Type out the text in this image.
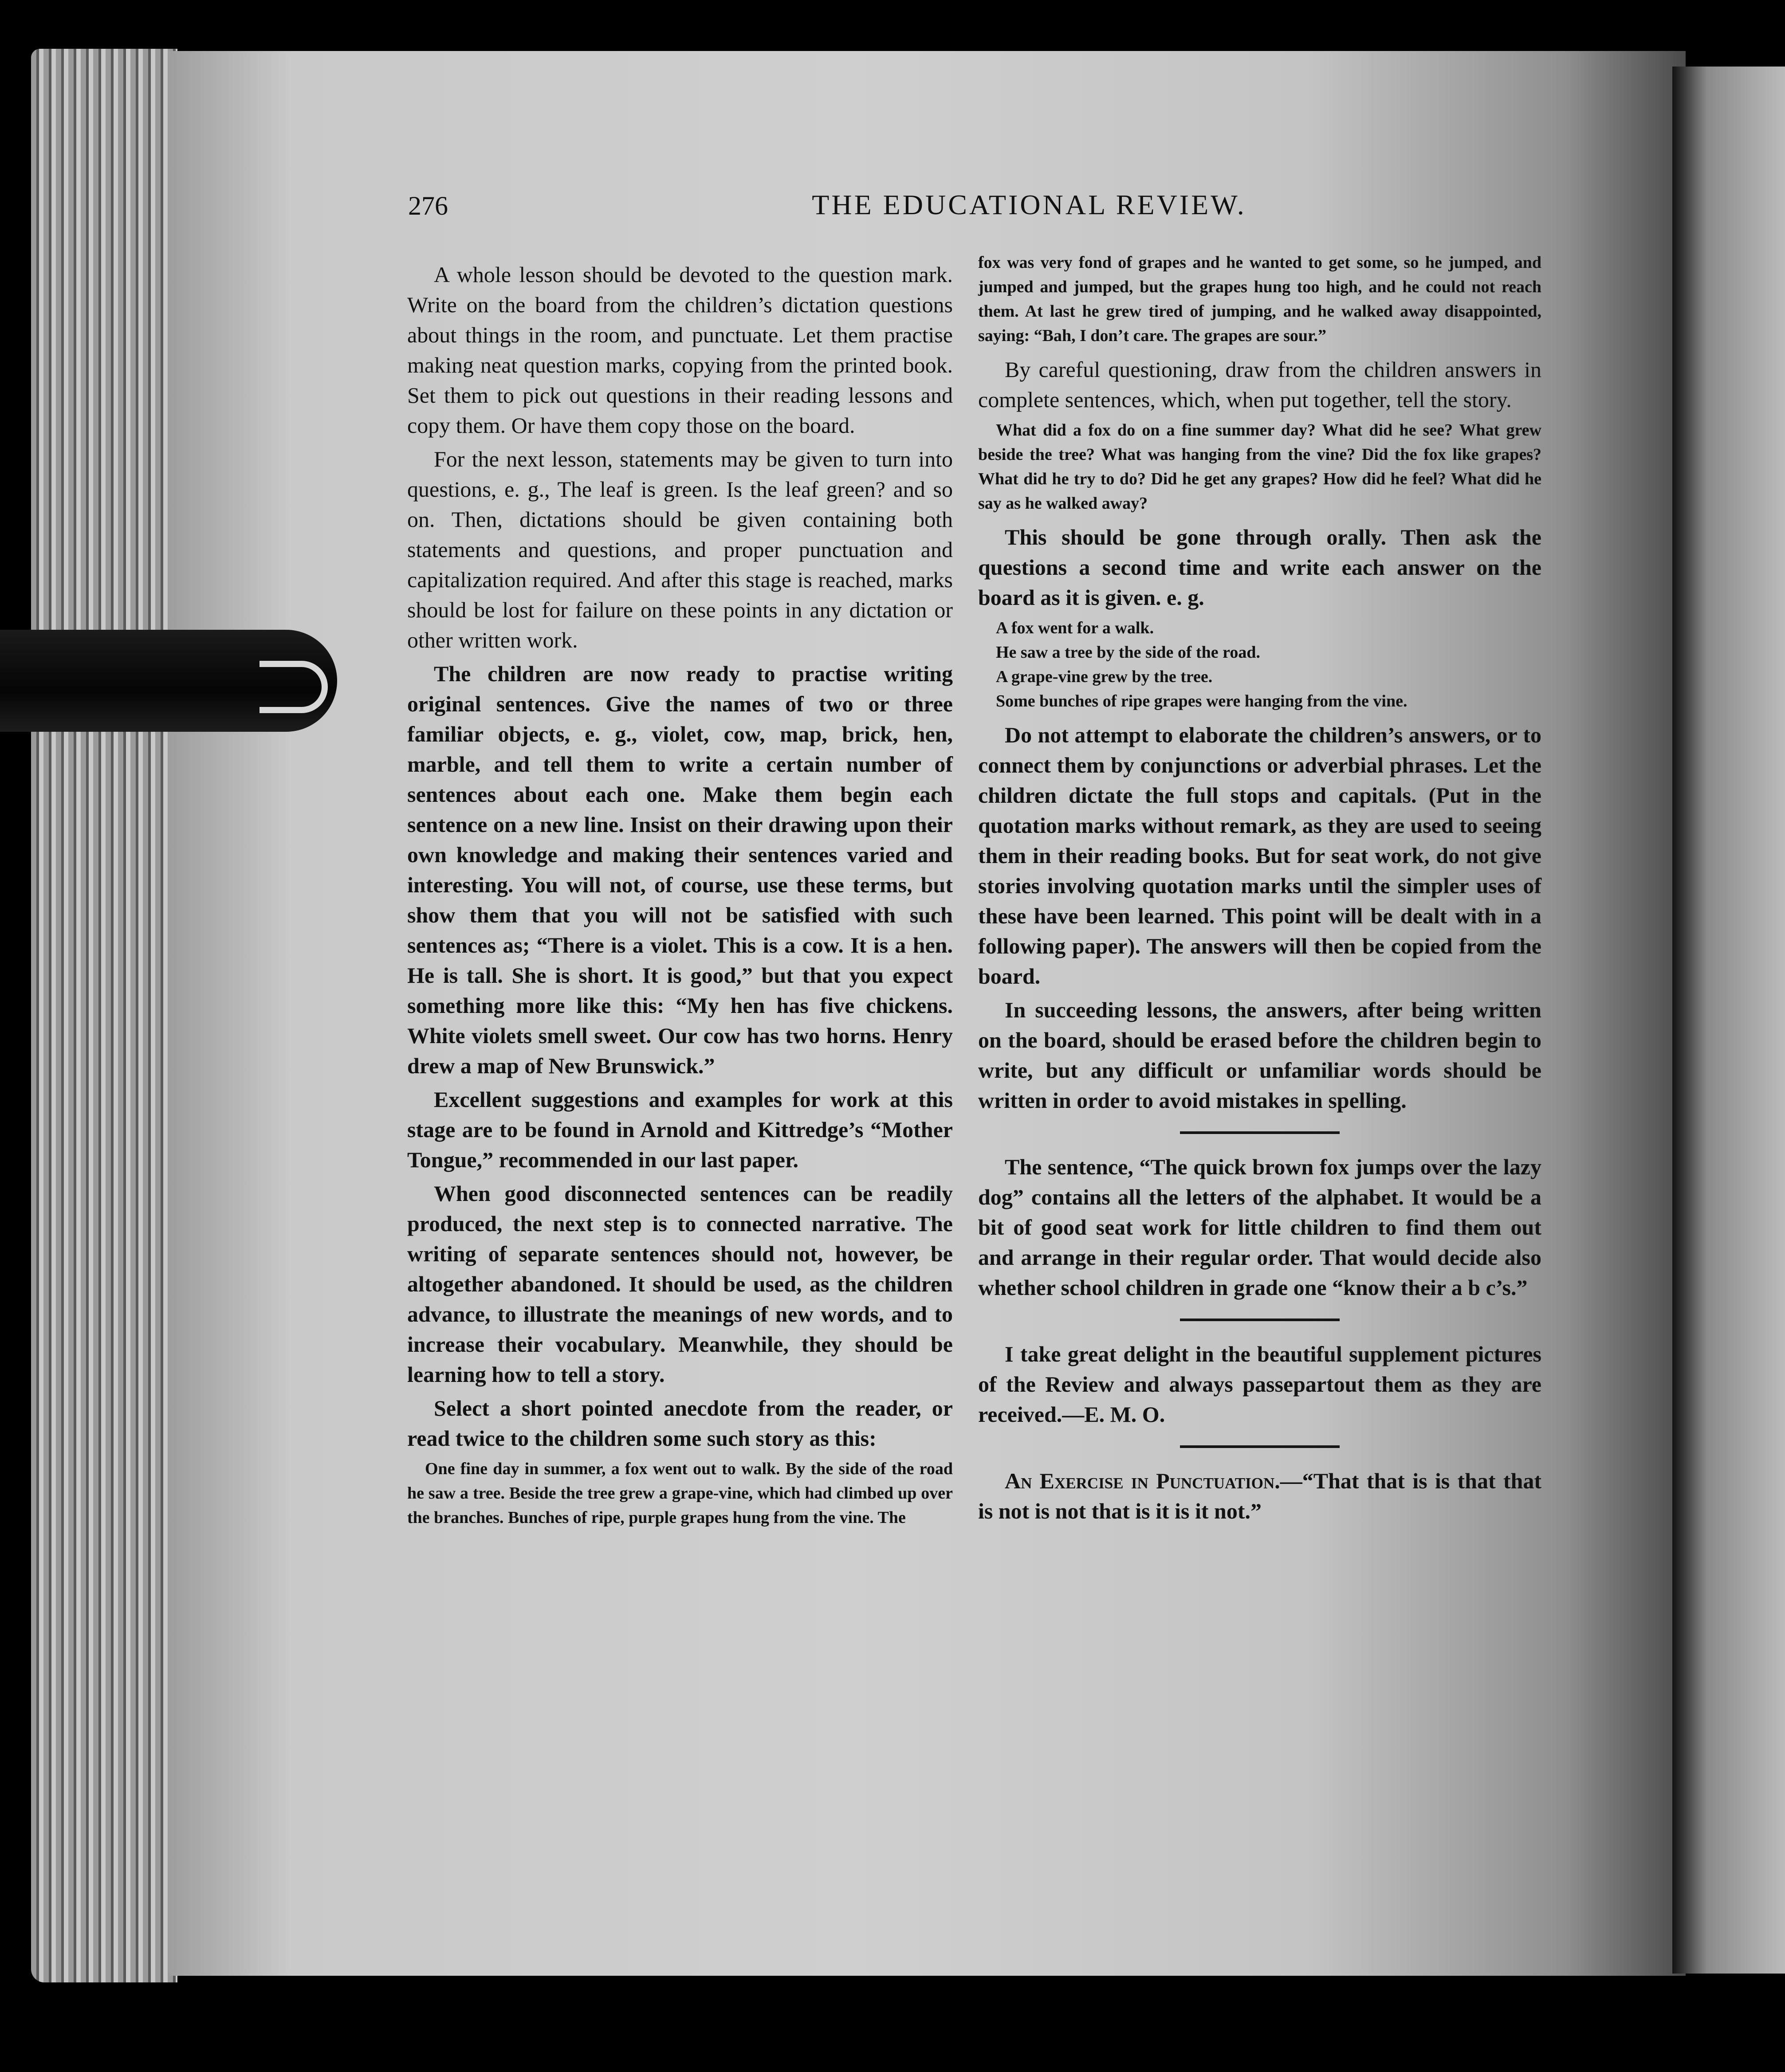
276	THE EDUCATIONAL REVIEW.

A whole lesson should be devoted to the question mark. Write on the board from the children’s dictation questions about things in the room, and punctuate. Let them practise making neat question marks, copying from the printed book. Set them to pick out questions in their reading lessons and copy them. Or have them copy those on the board.

For the next lesson, statements may be given to turn into questions, e. g., The leaf is green. Is the leaf green? and so on. Then, dictations should be given containing both statements and questions, and proper punctuation and capitalization required. And after this stage is reached, marks should be lost for failure on these points in any dictation or other written work.

The children are now ready to practise writing original sentences. Give the names of two or three familiar objects, e. g., violet, cow, map, brick, hen, marble, and tell them to write a certain number of sentences about each one. Make them begin each sentence on a new line. Insist on their drawing upon their own knowledge and making their sentences varied and interesting. You will not, of course, use these terms, but show them that you will not be satisfied with such sentences as; “There is a violet. This is a cow. It is a hen. He is tall. She is short. It is good,” but that you expect something more like this: “My hen has five chickens. White violets smell sweet. Our cow has two horns. Henry drew a map of New Brunswick.”

Excellent suggestions and examples for work at this stage are to be found in Arnold and Kittredge’s “Mother Tongue,” recommended in our last paper.

When good disconnected sentences can be readily produced, the next step is to connected narrative. The writing of separate sentences should not, however, be altogether abandoned. It should be used, as the children advance, to illustrate the meanings of new words, and to increase their vocabulary. Meanwhile, they should be learning how to tell a story.

Select a short pointed anecdote from the reader, or read twice to the children some such story as this:

One fine day in summer, a fox went out to walk. By the side of the road he saw a tree. Beside the tree grew a grape-vine, which had climbed up over the branches. Bunches of ripe, purple grapes hung from the vine. The

fox was very fond of grapes and he wanted to get some, so he jumped, and jumped and jumped, but the grapes hung too high, and he could not reach them. At last he grew tired of jumping, and he walked away disappointed, saying: “Bah, I don’t care. The grapes are sour.”

By careful questioning, draw from the children answers in complete sentences, which, when put together, tell the story.

What did a fox do on a fine summer day? What did he see? What grew beside the tree? What was hanging from the vine? Did the fox like grapes? What did he try to do? Did he get any grapes? How did he feel? What did he say as he walked away?

This should be gone through orally. Then ask the questions a second time and write each answer on the board as it is given. e. g.

A fox went for a walk.

He saw a tree by the side of the road.

A grape-vine grew by the tree.

Some bunches of ripe grapes were hanging from the vine.

Do not attempt to elaborate the children’s answers, or to connect them by conjunctions or adverbial phrases. Let the children dictate the full stops and capitals. (Put in the quotation marks without remark, as they are used to seeing them in their reading books. But for seat work, do not give stories involving quotation marks until the simpler uses of these have been learned. This point will be dealt with in a following paper). The answers will then be copied from the board.

In succeeding lessons, the answers, after being written on the board, should be erased before the children begin to write, but any difficult or unfamiliar words should be written in order to avoid mistakes in spelling.

The sentence, “The quick brown fox jumps over the lazy dog” contains all the letters of the alphabet. It would be a bit of good seat work for little children to find them out and arrange in their regular order. That would decide also whether school children in grade one “know their a b c’s.”

I take great delight in the beautiful supplement pictures of the Review and always passepartout them as they are received.—E. M. O.

An Exercise in Punctuation.—“That that is is that that is not is not that is it is it not.”
